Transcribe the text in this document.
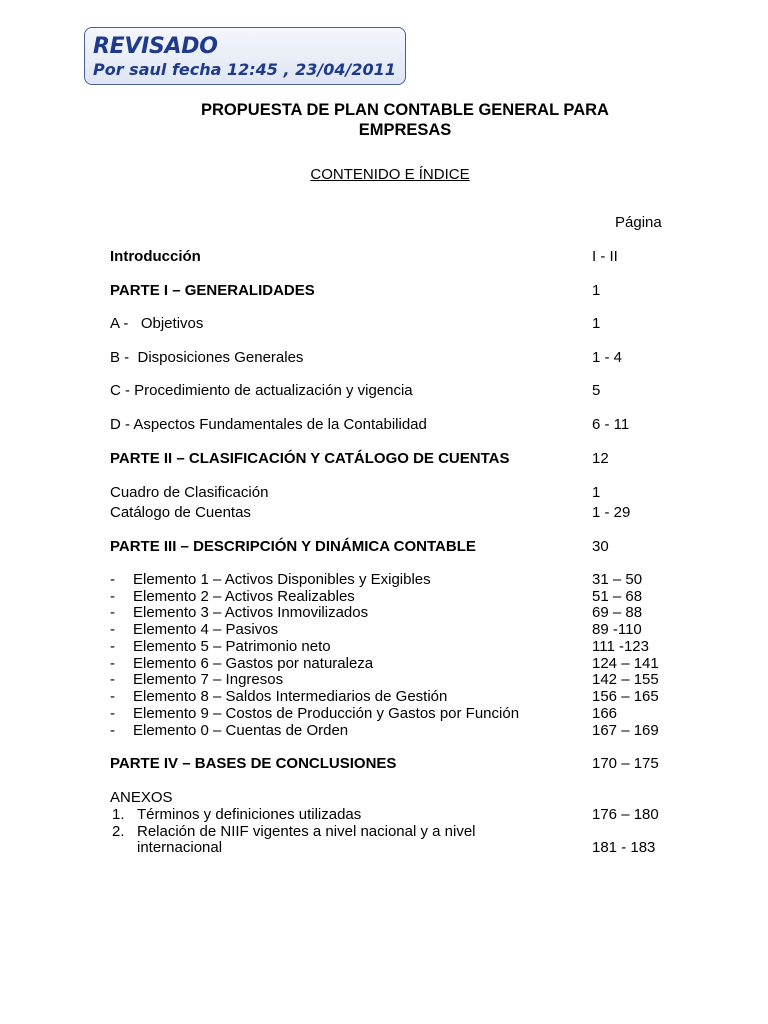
REVISADO
Por saul fecha 12:45 , 23/04/2011
PROPUESTA DE PLAN CONTABLE GENERAL PARA
EMPRESAS
CONTENIDO E ÍNDICE
Página
Introducción	I - II
PARTE I – GENERALIDADES	1
A -   Objetivos	1
B -  Disposiciones Generales	1 - 4
C - Procedimiento de actualización y vigencia	5
D - Aspectos Fundamentales de la Contabilidad	6 - 11
PARTE II – CLASIFICACIÓN Y CATÁLOGO DE CUENTAS	12
Cuadro de Clasificación	1
Catálogo de Cuentas	1 - 29
PARTE III – DESCRIPCIÓN Y DINÁMICA CONTABLE	30
- Elemento 1 – Activos Disponibles y Exigibles	31 – 50
- Elemento 2 – Activos Realizables	51 – 68
- Elemento 3 – Activos Inmovilizados	69 – 88
- Elemento 4 – Pasivos	89 -110
- Elemento 5 – Patrimonio neto	111 -123
- Elemento 6 – Gastos por naturaleza	124 – 141
- Elemento 7 – Ingresos	142 – 155
- Elemento 8 – Saldos Intermediarios de Gestión	156 – 165
- Elemento 9 – Costos de Producción y Gastos por Función	166
- Elemento 0 – Cuentas de Orden	167 – 169
PARTE IV – BASES DE CONCLUSIONES	170 – 175
ANEXOS
1. Términos y definiciones utilizadas	176 – 180
2. Relación de NIIF vigentes a nivel nacional y a nivel
internacional	181 - 183
